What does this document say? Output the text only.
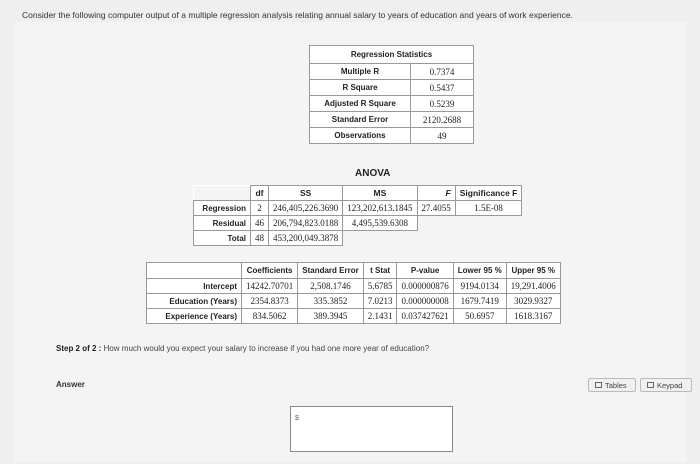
Consider the following computer output of a multiple regression analysis relating annual salary to years of education and years of work experience.
Regression Statistics	
Multiple R	0.7374
R Square	0.5437
Adjusted R Square	0.5239
Standard Error	2120.2688
Observations	49
ANOVA
	df	SS	MS	F	Significance F
Regression	2	246,405,226.3690	123,202,613.1845	27.4055	1.5E-08
Residual	46	206,794,823.0188	4,495,539.6308		
Total	48	453,200,049.3878			
	Coefficients	Standard Error	t Stat	P-value	Lower 95 %	Upper 95 %
Intercept	14242.70701	2,508.1746	5.6785	0.000000876	9194.0134	19,291.4006
Education (Years)	2354.8373	335.3852	7.0213	0.000000008	1679.7419	3029.9327
Experience (Years)	834.5062	389.3945	2.1431	0.037427621	50.6957	1618.3167
Step 2 of 2 : How much would you expect your salary to increase if you had one more year of education?
Answer	Tables	Keypad
$
